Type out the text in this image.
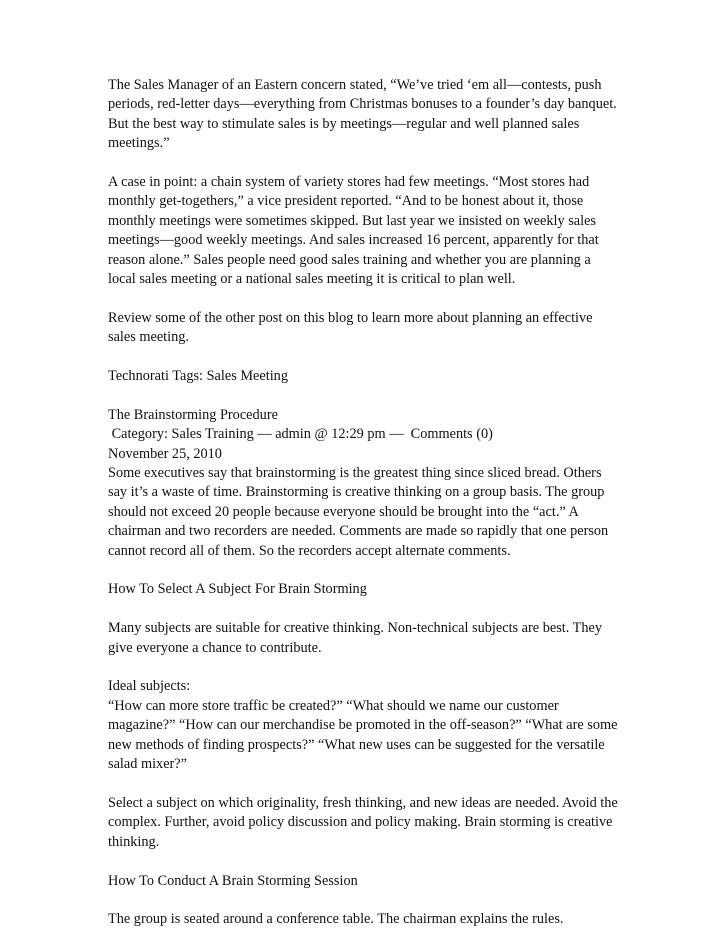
The Sales Manager of an Eastern concern stated, “We’ve tried ‘em all—contests, push
periods, red-letter days—everything from Christmas bonuses to a founder’s day banquet.
But the best way to stimulate sales is by meetings—regular and well planned sales
meetings.”
A case in point: a chain system of variety stores had few meetings. “Most stores had
monthly get-togethers,” a vice president reported. “And to be honest about it, those
monthly meetings were sometimes skipped. But last year we insisted on weekly sales
meetings—good weekly meetings. And sales increased 16 percent, apparently for that
reason alone.” Sales people need good sales training and whether you are planning a
local sales meeting or a national sales meeting it is critical to plan well.
Review some of the other post on this blog to learn more about planning an effective
sales meeting.
Technorati Tags: Sales Meeting
The Brainstorming Procedure
Category: Sales Training — admin @ 12:29 pm —  Comments (0)
November 25, 2010
Some executives say that brainstorming is the greatest thing since sliced bread. Others
say it’s a waste of time. Brainstorming is creative thinking on a group basis. The group
should not exceed 20 people because everyone should be brought into the “act.” A
chairman and two recorders are needed. Comments are made so rapidly that one person
cannot record all of them. So the recorders accept alternate comments.
How To Select A Subject For Brain Storming
Many subjects are suitable for creative thinking. Non-technical subjects are best. They
give everyone a chance to contribute.
Ideal subjects:
“How can more store traffic be created?” “What should we name our customer
magazine?” “How can our merchandise be promoted in the off-season?” “What are some
new methods of finding prospects?” “What new uses can be suggested for the versatile
salad mixer?”
Select a subject on which originality, fresh thinking, and new ideas are needed. Avoid the
complex. Further, avoid policy discussion and policy making. Brain storming is creative
thinking.
How To Conduct A Brain Storming Session
The group is seated around a conference table. The chairman explains the rules.
